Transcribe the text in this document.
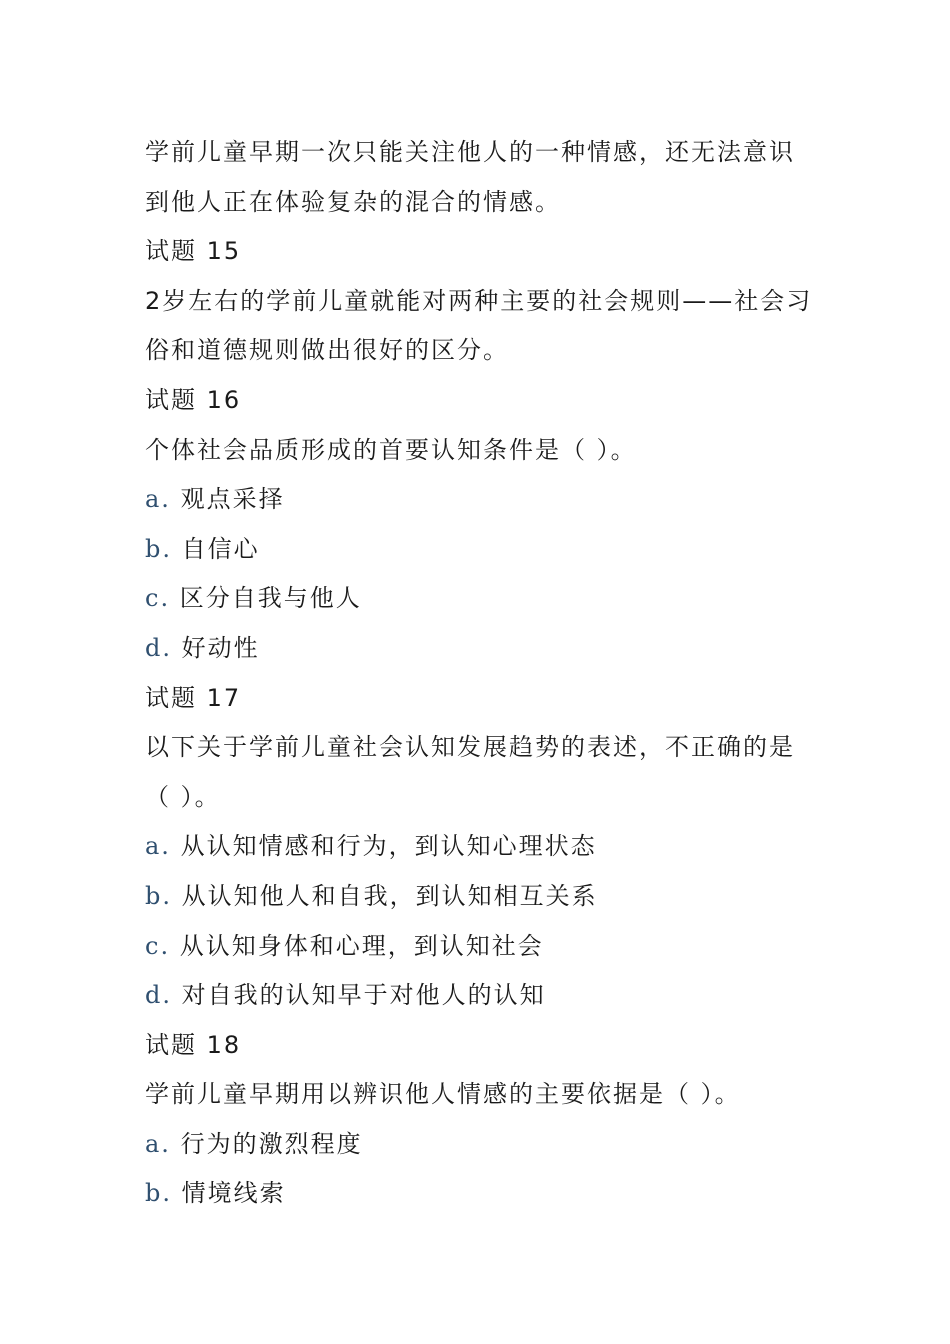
学前儿童早期一次只能关注他人的一种情感，还无法意识
到他人正在体验复杂的混合的情感。
试题 15
2岁左右的学前儿童就能对两种主要的社会规则——社会习
俗和道德规则做出很好的区分。
试题 16
个体社会品质形成的首要认知条件是（ ）。
a. 观点采择
b. 自信心
c. 区分自我与他人
d. 好动性
试题 17
以下关于学前儿童社会认知发展趋势的表述，不正确的是
（ ）。
a. 从认知情感和行为，到认知心理状态
b. 从认知他人和自我，到认知相互关系
c. 从认知身体和心理，到认知社会
d. 对自我的认知早于对他人的认知
试题 18
学前儿童早期用以辨识他人情感的主要依据是（ ）。
a. 行为的激烈程度
b. 情境线索
